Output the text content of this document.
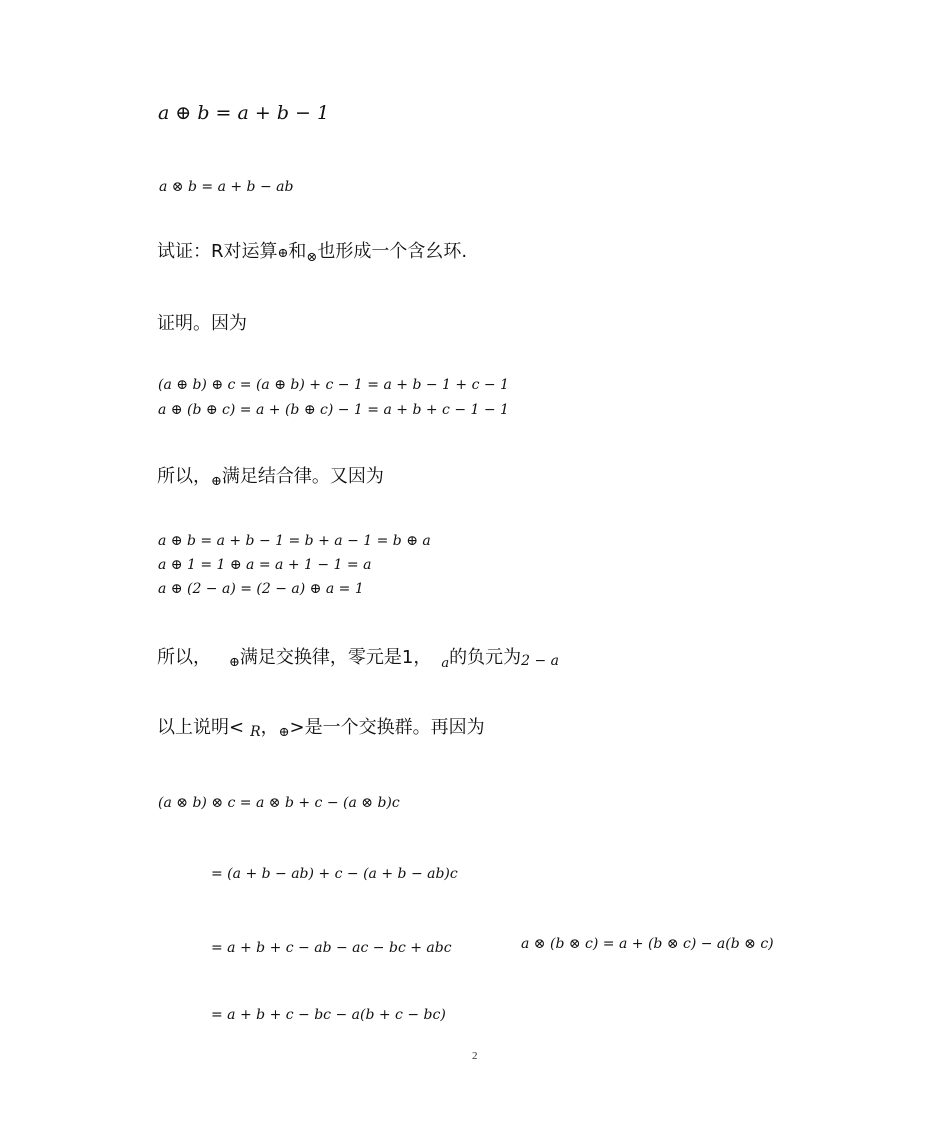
a ⊕ b = a + b − 1
a ⊗ b = a + b − ab
试证：R对运算⊕和$_\otimes$也形成一个含幺环.
证明。因为
(a ⊕ b) ⊕ c = (a ⊕ b) + c − 1 = a + b − 1 + c − 1
a ⊕ (b ⊕ c) = a + (b ⊕ c) − 1 = a + b + c − 1 − 1
所以，⊕满足结合律。又因为
a ⊕ b = a + b − 1 = b + a − 1 = b ⊕ a
a ⊕ 1 = 1 ⊕ a = a + 1 − 1 = a
a ⊕ (2 − a) = (2 − a) ⊕ a = 1
所以， ⊕满足交换律，零元是1， $_a$的负元为2 − a
以上说明< R，⊕>是一个交换群。再因为
(a ⊗ b) ⊗ c = a ⊗ b + c − (a ⊗ b)c
= (a + b − ab) + c − (a + b − ab)c
= a + b + c − ab − ac − bc + abc	a ⊗ (b ⊗ c) = a + (b ⊗ c) − a(b ⊗ c)
= a + b + c − bc − a(b + c − bc)
2
